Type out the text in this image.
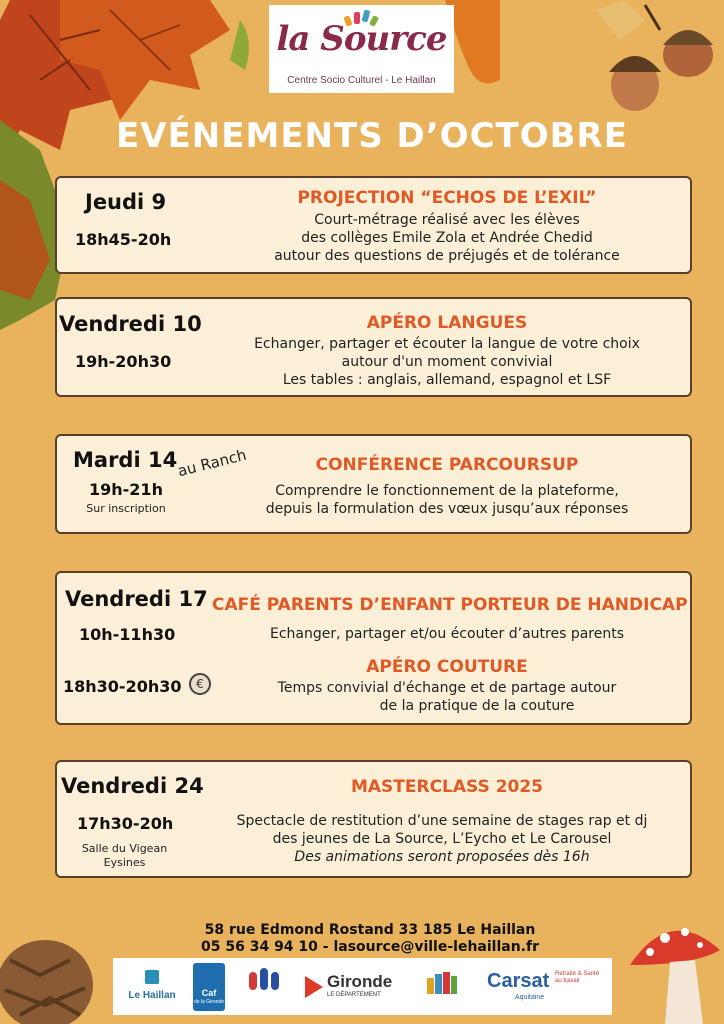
la Source
Centre Socio Culturel - Le Haillan
EVÉNEMENTS D’OCTOBRE
Jeudi 9
18h45-20h
PROJECTION “ECHOS DE L’EXIL”
Court-métrage réalisé avec les élèves
des collèges Emile Zola et Andrée Chedid
autour des questions de préjugés et de tolérance
Vendredi 10
19h-20h30
APÉRO LANGUES
Echanger, partager et écouter la langue de votre choix
autour d'un moment convivial
Les tables : anglais, allemand, espagnol et LSF
Mardi 14
au Ranch
19h-21h
Sur inscription
CONFÉRENCE PARCOURSUP
Comprendre le fonctionnement de la plateforme,
depuis la formulation des vœux jusqu’aux réponses
Vendredi 17
10h-11h30
CAFÉ PARENTS D’ENFANT PORTEUR DE HANDICAP
Echanger, partager et/ou écouter d’autres parents
18h30-20h30	€
APÉRO COUTURE
Temps convivial d'échange et de partage autour
de la pratique de la couture
Vendredi 24
17h30-20h
Salle du Vigean
Eysines
MASTERCLASS 2025
Spectacle de restitution d’une semaine de stages rap et dj
des jeunes de La Source, L’Eycho et Le Carousel
Des animations seront proposées dès 16h
58 rue Edmond Rostand 33 185 Le Haillan
05 56 34 94 10 - lasource@ville-lehaillan.fr
Le Haillan	Caf
de la Gironde
Gironde
LE DÉPARTEMENT
Carsat Retraite & Santé au travail
Aquitaine
